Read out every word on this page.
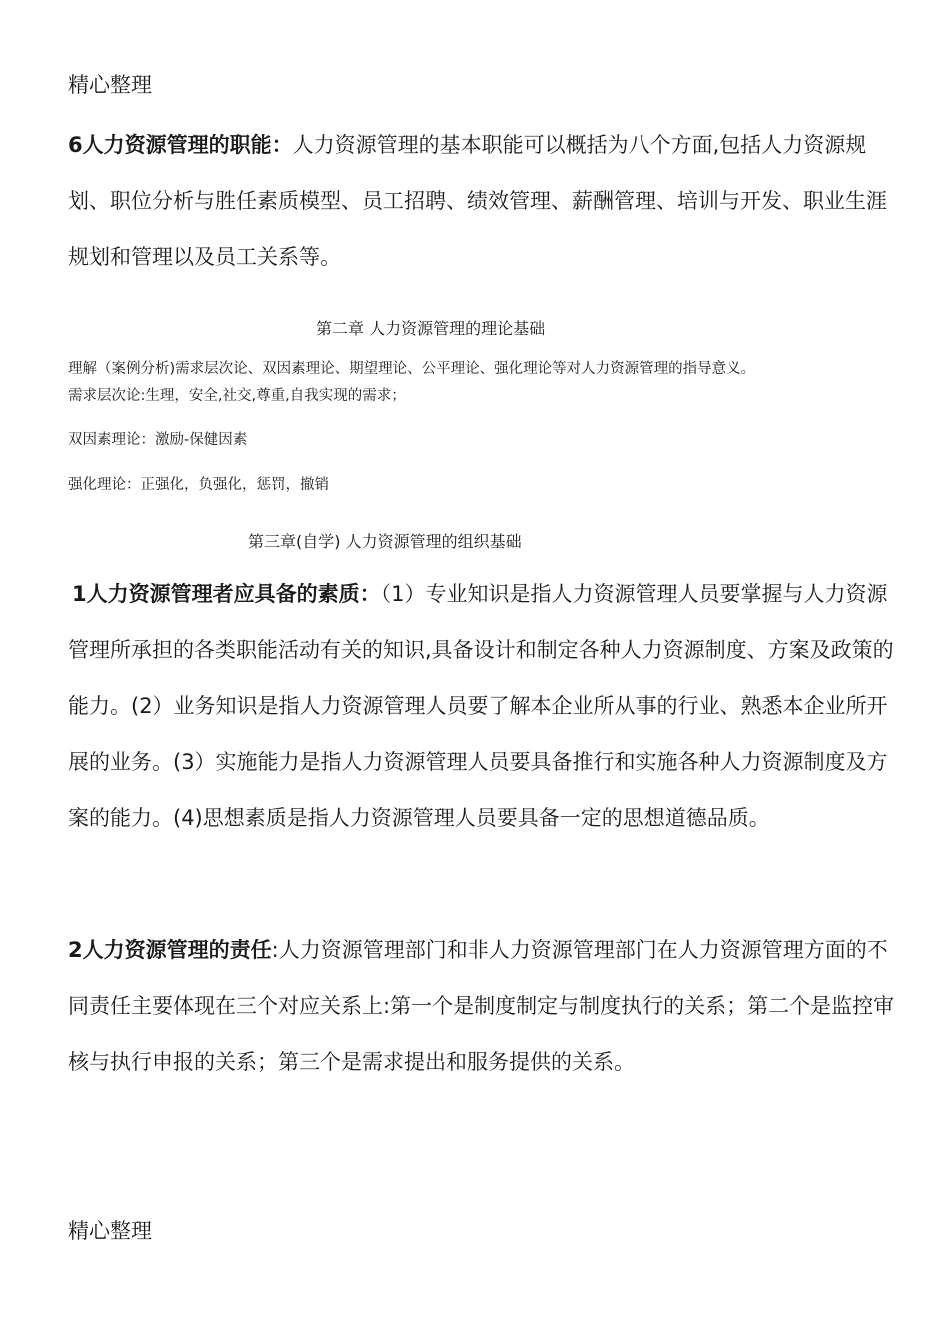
精心整理

6人力资源管理的职能：人力资源管理的基本职能可以概括为八个方面,包括人力资源规划、职位分析与胜任素质模型、员工招聘、绩效管理、薪酬管理、培训与开发、职业生涯规划和管理以及员工关系等。

第二章 人力资源管理的理论基础
理解（案例分析)需求层次论、双因素理论、期望理论、公平理论、强化理论等对人力资源管理的指导意义。
需求层次论:生理，安全,社交,尊重,自我实现的需求；
双因素理论：激励-保健因素
强化理论：正强化，负强化，惩罚，撤销
第三章(自学) 人力资源管理的组织基础

1人力资源管理者应具备的素质：（1）专业知识是指人力资源管理人员要掌握与人力资源管理所承担的各类职能活动有关的知识,具备设计和制定各种人力资源制度、方案及政策的能力。(2）业务知识是指人力资源管理人员要了解本企业所从事的行业、熟悉本企业所开展的业务。(3）实施能力是指人力资源管理人员要具备推行和实施各种人力资源制度及方案的能力。(4)思想素质是指人力资源管理人员要具备一定的思想道德品质。

2人力资源管理的责任:人力资源管理部门和非人力资源管理部门在人力资源管理方面的不同责任主要体现在三个对应关系上:第一个是制度制定与制度执行的关系；第二个是监控审核与执行申报的关系；第三个是需求提出和服务提供的关系。

精心整理
